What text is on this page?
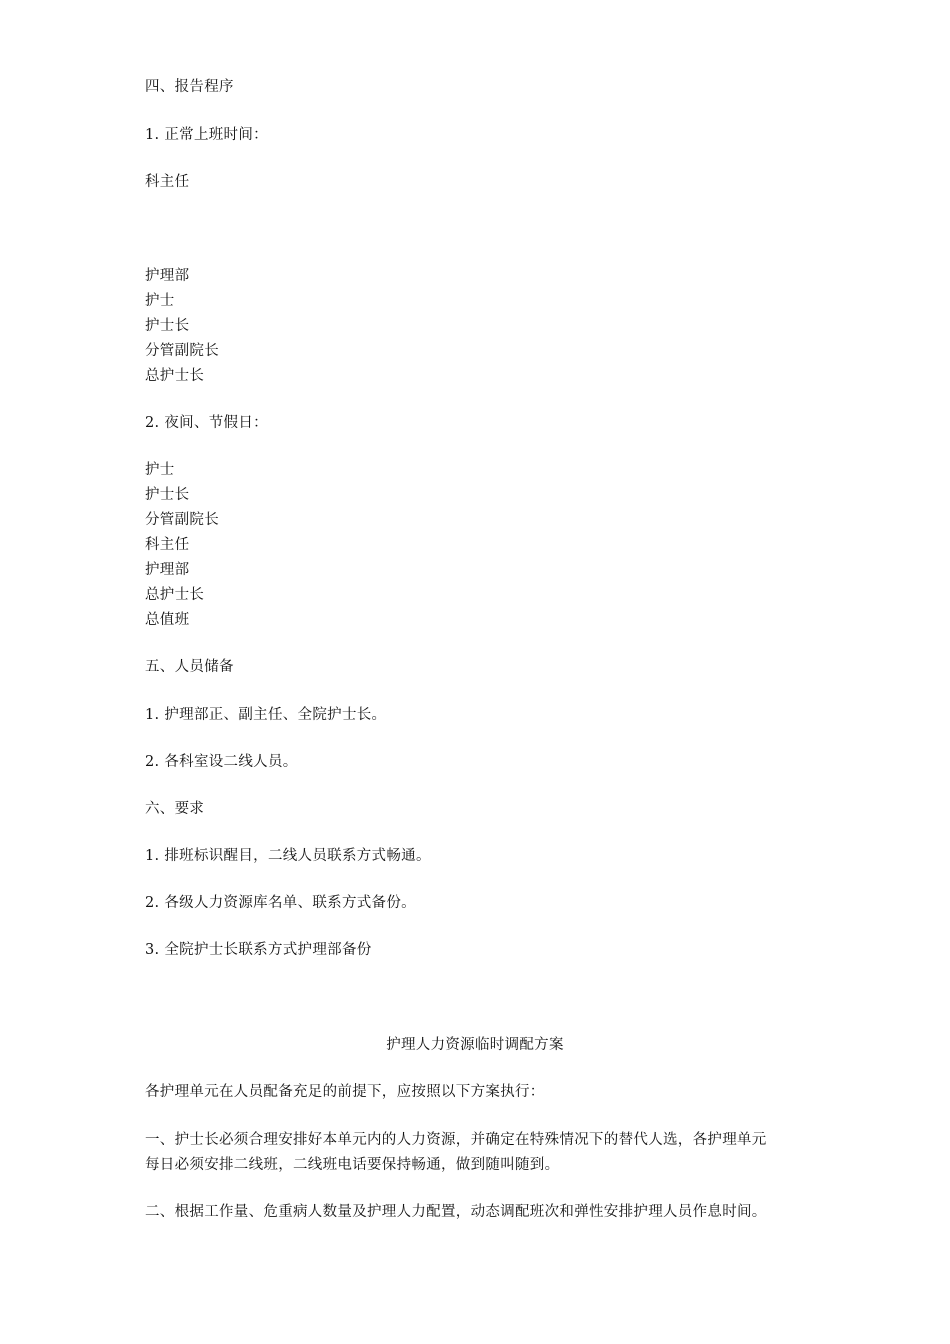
四、报告程序
1. 正常上班时间：
科主任
护理部
护士
护士长
分管副院长
总护士长
2. 夜间、节假日：
护士
护士长
分管副院长
科主任
护理部
总护士长
总值班
五、人员储备
1. 护理部正、副主任、全院护士长。
2. 各科室设二线人员。
六、要求
1. 排班标识醒目，二线人员联系方式畅通。
2. 各级人力资源库名单、联系方式备份。
3. 全院护士长联系方式护理部备份
护理人力资源临时调配方案
各护理单元在人员配备充足的前提下，应按照以下方案执行：
一、护士长必须合理安排好本单元内的人力资源，并确定在特殊情况下的替代人选，各护理单元
每日必须安排二线班，二线班电话要保持畅通，做到随叫随到。
二、根据工作量、危重病人数量及护理人力配置，动态调配班次和弹性安排护理人员作息时间。
